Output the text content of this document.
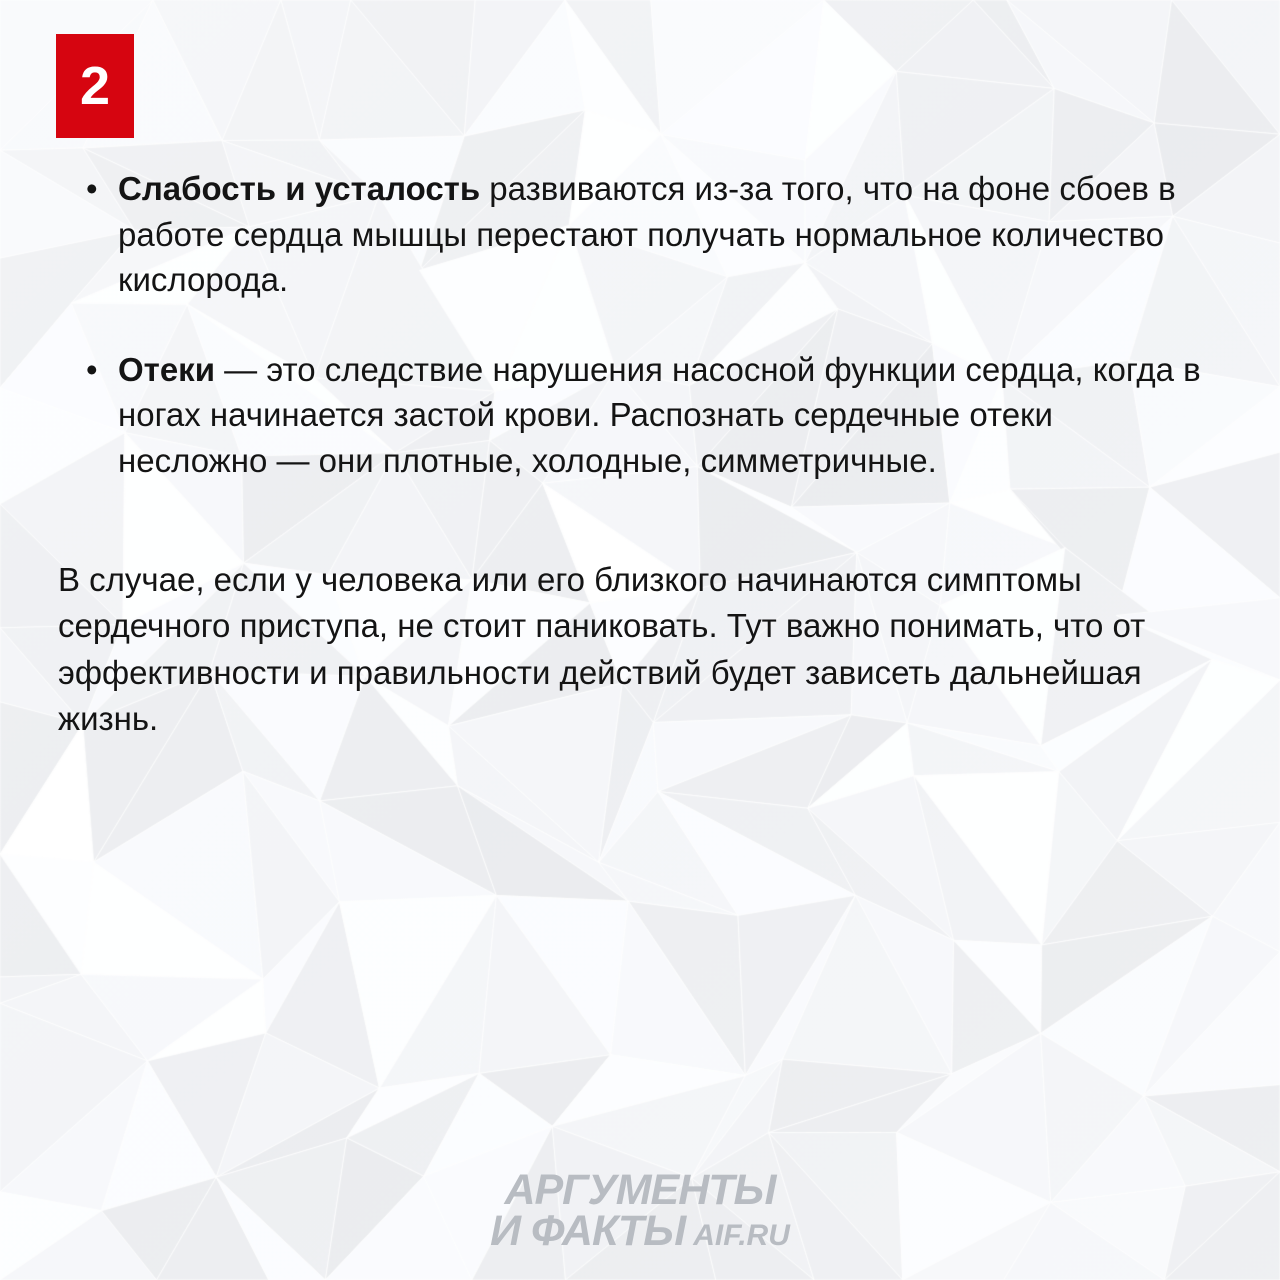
2
• Слабость и усталость развиваются из-за того, что на фоне сбоев в работе сердца мышцы перестают получать нормальное количество кислорода.
• Отеки — это следствие нарушения насосной функции сердца, когда в ногах начинается застой крови. Распознать сердечные отеки несложно — они плотные, холодные, симметричные.

В случае, если у человека или его близкого начинаются симптомы сердечного приступа, не стоит паниковать. Тут важно понимать, что от эффективности и правильности действий будет зависеть дальнейшая жизнь.

АРГУМЕНТЫ
И ФАКТЫ AIF.RU
